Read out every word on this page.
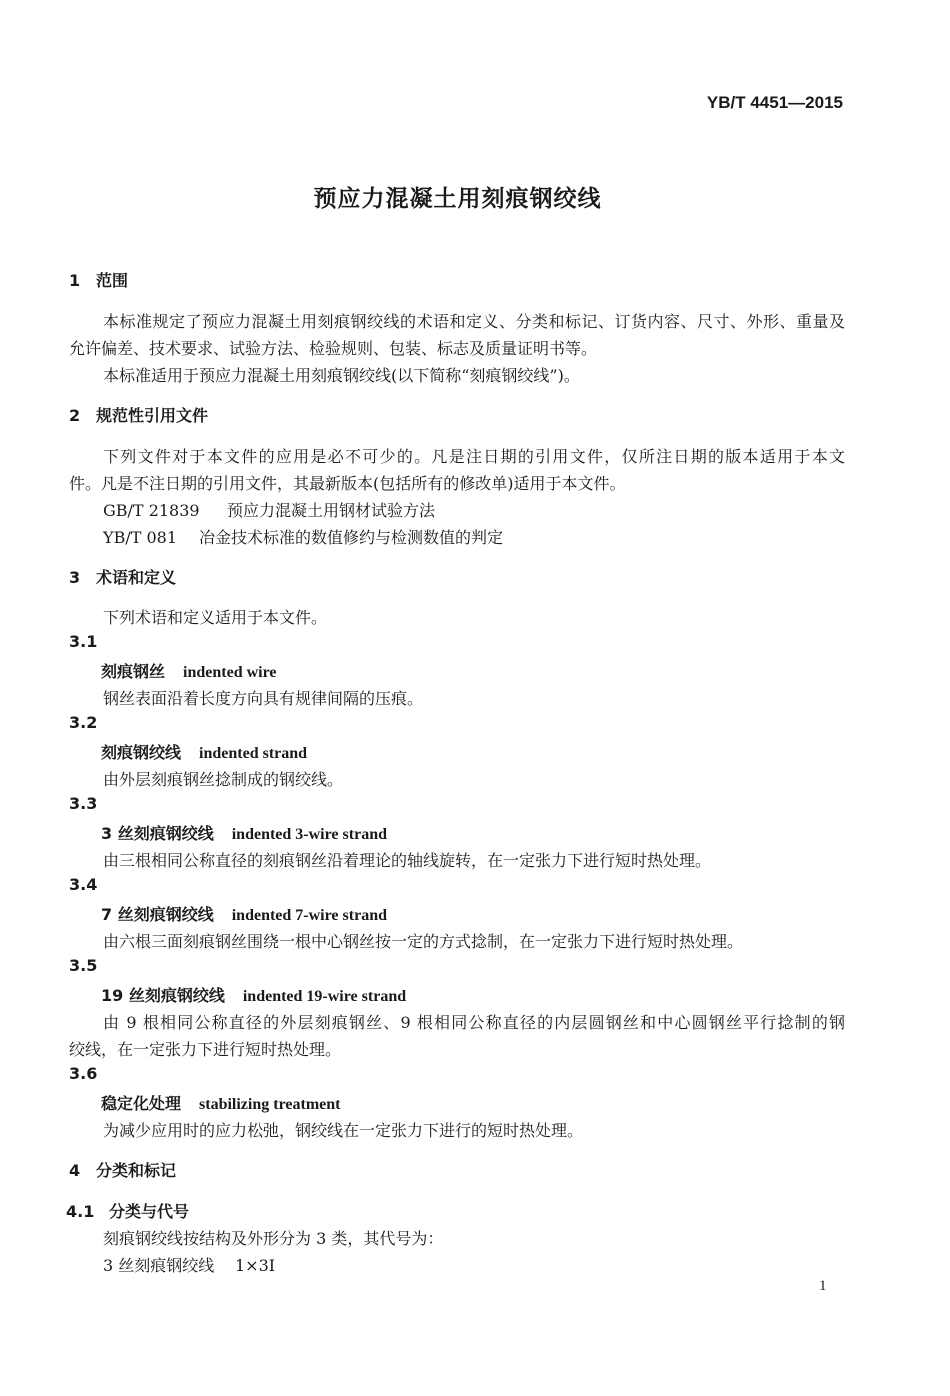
YB/T 4451—2015
预应力混凝土用刻痕钢绞线
1 范围
本标准规定了预应力混凝土用刻痕钢绞线的术语和定义、分类和标记、订货内容、尺寸、外形、重量及
允许偏差、技术要求、试验方法、检验规则、包装、标志及质量证明书等。
本标准适用于预应力混凝土用刻痕钢绞线(以下简称“刻痕钢绞线”)。
2 规范性引用文件
下列文件对于本文件的应用是必不可少的。凡是注日期的引用文件，仅所注日期的版本适用于本文
件。凡是不注日期的引用文件，其最新版本(包括所有的修改单)适用于本文件。
GB/T 21839 预应力混凝土用钢材试验方法
YB/T 081 冶金技术标准的数值修约与检测数值的判定
3 术语和定义
下列术语和定义适用于本文件。
3.1
刻痕钢丝 indented wire
钢丝表面沿着长度方向具有规律间隔的压痕。
3.2
刻痕钢绞线 indented strand
由外层刻痕钢丝捻制成的钢绞线。
3.3
3 丝刻痕钢绞线 indented 3-wire strand
由三根相同公称直径的刻痕钢丝沿着理论的轴线旋转，在一定张力下进行短时热处理。
3.4
7 丝刻痕钢绞线 indented 7-wire strand
由六根三面刻痕钢丝围绕一根中心钢丝按一定的方式捻制，在一定张力下进行短时热处理。
3.5
19 丝刻痕钢绞线 indented 19-wire strand
由 9 根相同公称直径的外层刻痕钢丝、9 根相同公称直径的内层圆钢丝和中心圆钢丝平行捻制的钢
绞线，在一定张力下进行短时热处理。
3.6
稳定化处理 stabilizing treatment
为减少应用时的应力松弛，钢绞线在一定张力下进行的短时热处理。
4 分类和标记
4.1 分类与代号
刻痕钢绞线按结构及外形分为 3 类，其代号为：
3 丝刻痕钢绞线 1×3I
1
